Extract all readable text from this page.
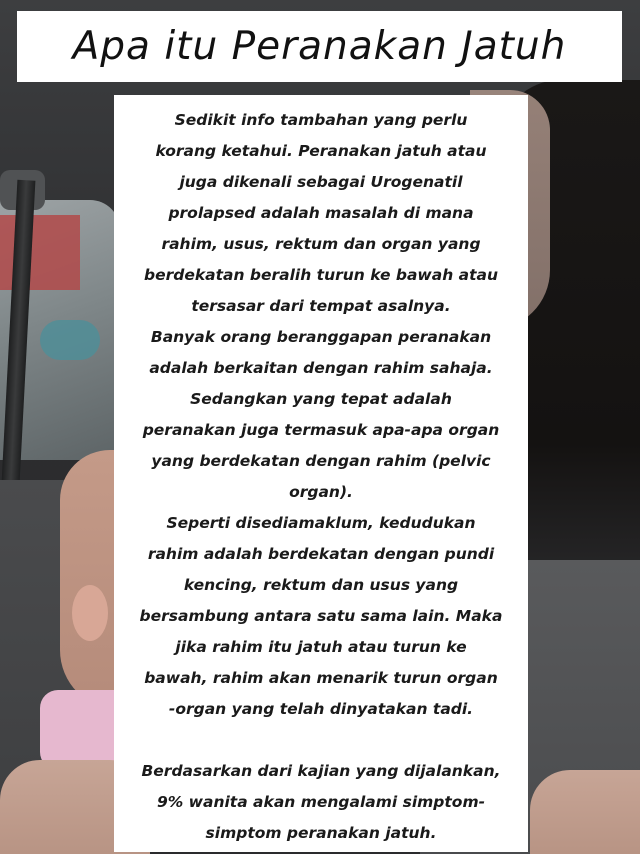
Apa itu Peranakan Jatuh
Sedikit info tambahan yang perlu
korang ketahui. Peranakan jatuh atau
juga dikenali sebagai Urogenatil
prolapsed adalah masalah di mana
rahim, usus, rektum dan organ yang
berdekatan beralih turun ke bawah atau
tersasar dari tempat asalnya.
Banyak orang beranggapan peranakan
adalah berkaitan dengan rahim sahaja.
Sedangkan yang tepat adalah
peranakan juga termasuk apa-apa organ
yang berdekatan dengan rahim (pelvic
organ).
Seperti disediamaklum, kedudukan
rahim adalah berdekatan dengan pundi
kencing, rektum dan usus yang
bersambung antara satu sama lain. Maka
jika rahim itu jatuh atau turun ke
bawah, rahim akan menarik turun organ
-organ yang telah dinyatakan tadi.
Berdasarkan dari kajian yang dijalankan,
9% wanita akan mengalami simptom-
simptom peranakan jatuh.
